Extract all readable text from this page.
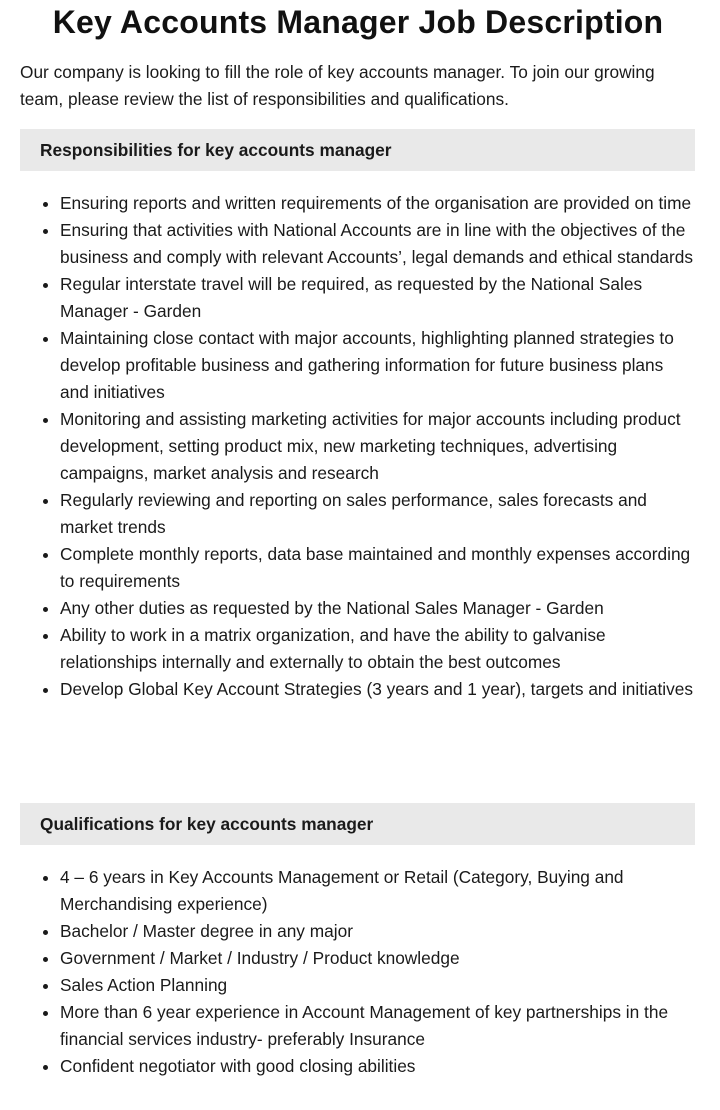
Key Accounts Manager Job Description

Our company is looking to fill the role of key accounts manager. To join our growing team, please review the list of responsibilities and qualifications.

Responsibilities for key accounts manager
• Ensuring reports and written requirements of the organisation are provided on time
• Ensuring that activities with National Accounts are in line with the objectives of the business and comply with relevant Accounts’, legal demands and ethical standards
• Regular interstate travel will be required, as requested by the National Sales Manager - Garden
• Maintaining close contact with major accounts, highlighting planned strategies to develop profitable business and gathering information for future business plans and initiatives
• Monitoring and assisting marketing activities for major accounts including product development, setting product mix, new marketing techniques, advertising campaigns, market analysis and research
• Regularly reviewing and reporting on sales performance, sales forecasts and market trends
• Complete monthly reports, data base maintained and monthly expenses according to requirements
• Any other duties as requested by the National Sales Manager - Garden
• Ability to work in a matrix organization, and have the ability to galvanise relationships internally and externally to obtain the best outcomes
• Develop Global Key Account Strategies (3 years and 1 year), targets and initiatives
Qualifications for key accounts manager
• 4 – 6 years in Key Accounts Management or Retail (Category, Buying and Merchandising experience)
• Bachelor / Master degree in any major
• Government / Market / Industry / Product knowledge
• Sales Action Planning
• More than 6 year experience in Account Management of key partnerships in the financial services industry- preferably Insurance
• Confident negotiator with good closing abilities
